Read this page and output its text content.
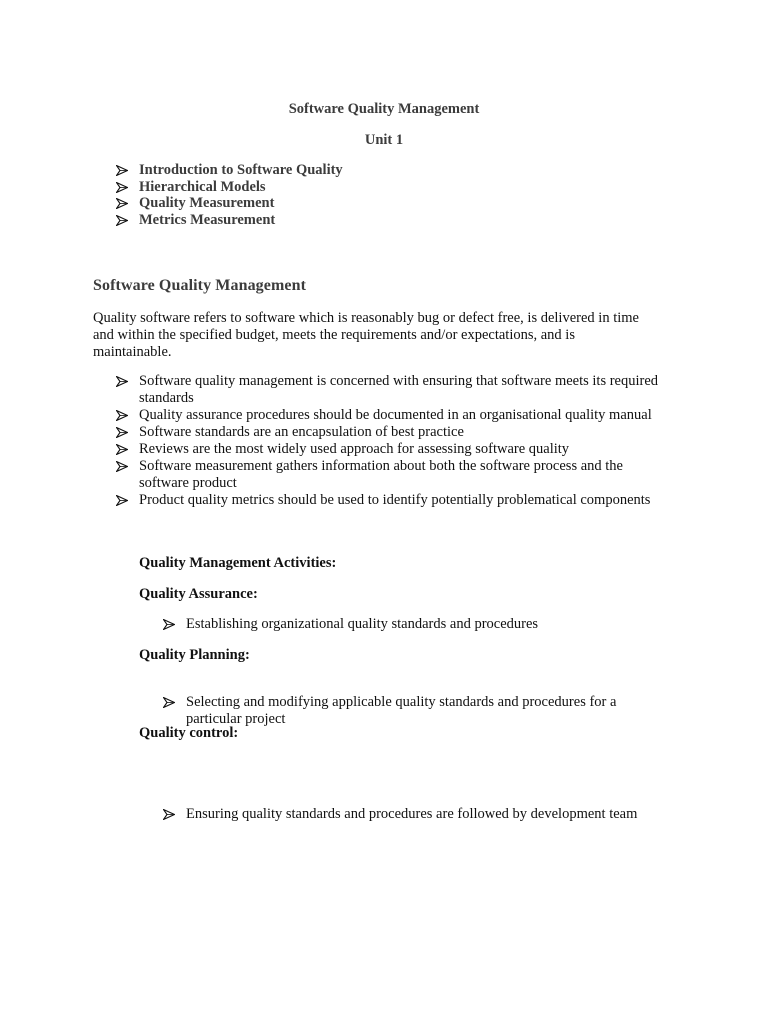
Software Quality Management
Unit 1
Introduction to Software Quality
Hierarchical Models
Quality Measurement
Metrics Measurement
Software Quality Management
Quality software refers to software which is reasonably bug or defect free, is delivered in time and within the specified budget, meets the requirements and/or expectations, and is maintainable.
Software quality management is concerned with ensuring that software meets its required standards
Quality assurance procedures should be documented in an organisational quality manual
Software standards are an encapsulation of best practice
Reviews are the most widely used approach for assessing software quality
Software measurement gathers information about both the software process and the software product
Product quality metrics should be used to identify potentially problematical components
Quality Management Activities:
Quality Assurance:
Establishing organizational quality standards and procedures
Quality Planning:
Selecting and modifying applicable quality standards and procedures for a particular project
Quality control:
Ensuring quality standards and procedures are followed by development team
